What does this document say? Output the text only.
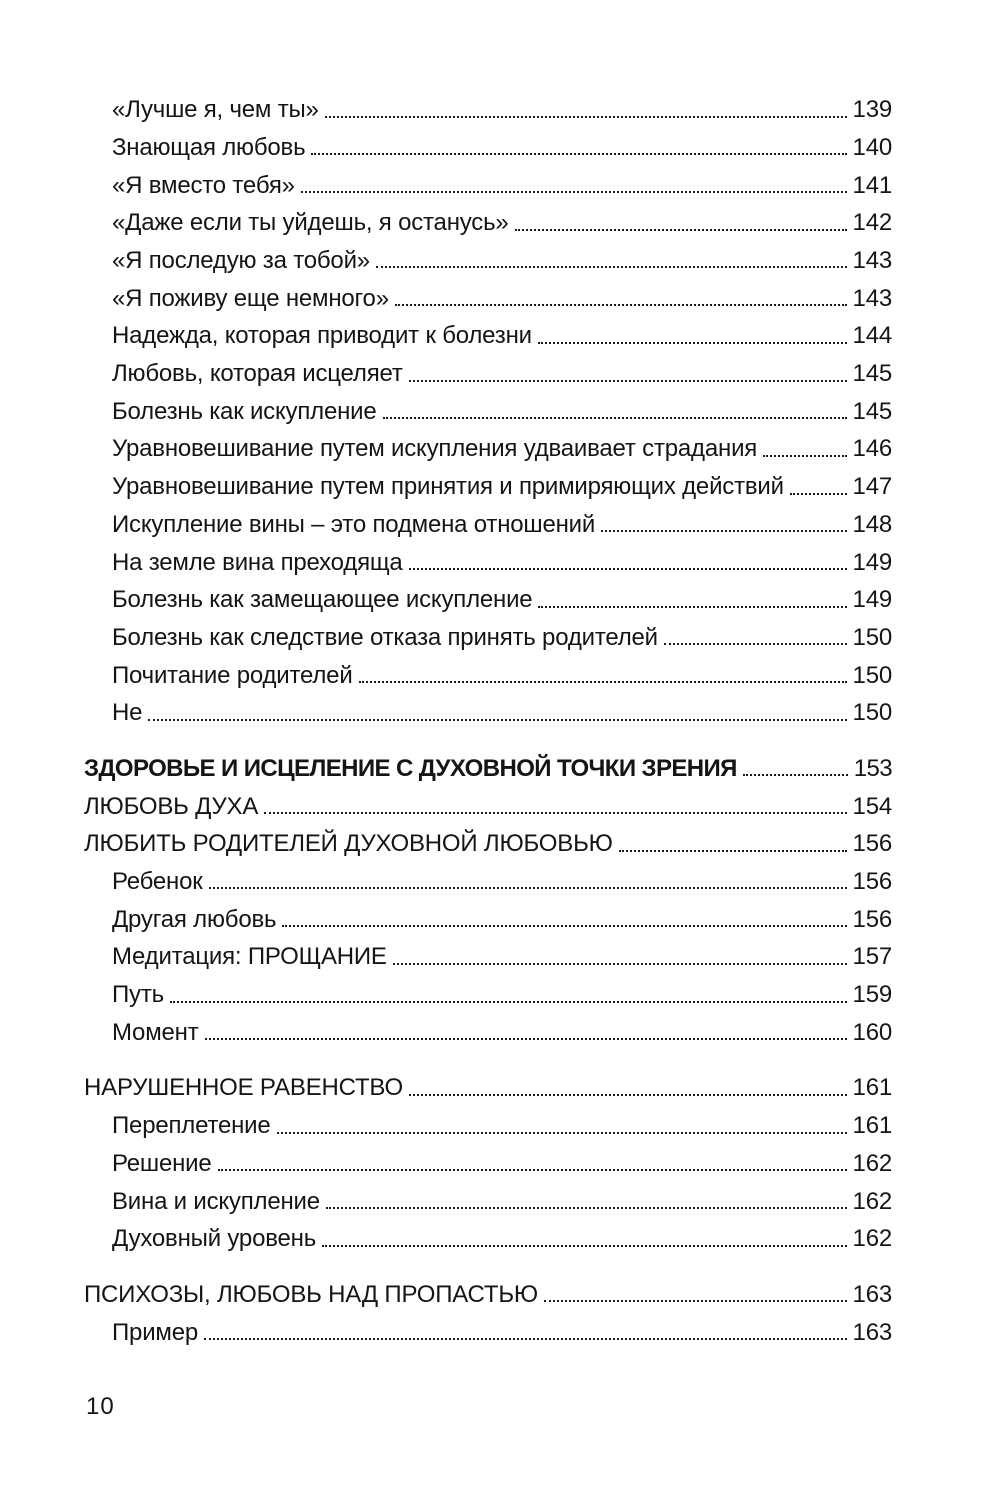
«Лучше я, чем ты»	139
Знающая любовь	140
«Я вместо тебя»	141
«Даже если ты уйдешь, я останусь»	142
«Я последую за тобой»	143
«Я поживу еще немного»	143
Надежда, которая приводит к болезни	144
Любовь, которая исцеляет	145
Болезнь как искупление	145
Уравновешивание путем искупления удваивает страдания	146
Уравновешивание путем принятия и примиряющих действий	147
Искупление вины – это подмена отношений	148
На земле вина преходяща	149
Болезнь как замещающее искупление	149
Болезнь как следствие отказа принять родителей	150
Почитание родителей	150
Не	150
ЗДОРОВЬЕ И ИСЦЕЛЕНИЕ С ДУХОВНОЙ ТОЧКИ ЗРЕНИЯ	153
ЛЮБОВЬ ДУХА	154
ЛЮБИТЬ РОДИТЕЛЕЙ ДУХОВНОЙ ЛЮБОВЬЮ	156
Ребенок	156
Другая любовь	156
Медитация: ПРОЩАНИЕ	157
Путь	159
Момент	160
НАРУШЕННОЕ РАВЕНСТВО	161
Переплетение	161
Решение	162
Вина и искупление	162
Духовный уровень	162
ПСИХОЗЫ, ЛЮБОВЬ НАД ПРОПАСТЬЮ	163
Пример	163
10
